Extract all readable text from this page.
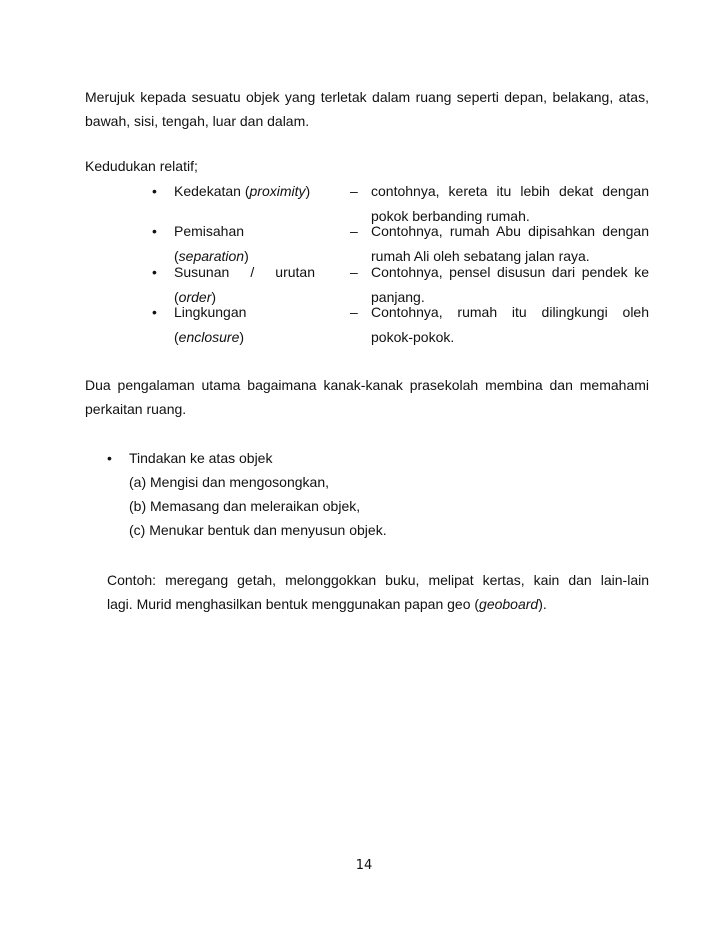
Merujuk kepada sesuatu objek yang terletak dalam ruang seperti depan, belakang, atas, bawah, sisi, tengah, luar dan dalam.
Kedudukan relatif;
• Kedekatan (proximity)	– contohnya, kereta itu lebih dekat dengan
pokok berbanding rumah.
• Pemisahan
(separation)
– Contohnya, rumah Abu dipisahkan dengan
rumah Ali oleh sebatang jalan raya.
• Susunan / urutan
(order)
– Contohnya, pensel disusun dari pendek ke
panjang.
• Lingkungan
(enclosure)
– Contohnya, rumah itu dilingkungi oleh
pokok-pokok.
Dua pengalaman utama bagaimana kanak-kanak prasekolah membina dan memahami perkaitan ruang.
• Tindakan ke atas objek
(a) Mengisi dan mengosongkan,
(b) Memasang dan meleraikan objek,
(c) Menukar bentuk dan menyusun objek.
Contoh: meregang getah, melonggokkan buku, melipat kertas, kain dan lain-lain
lagi. Murid menghasilkan bentuk menggunakan papan geo (geoboard).
14
